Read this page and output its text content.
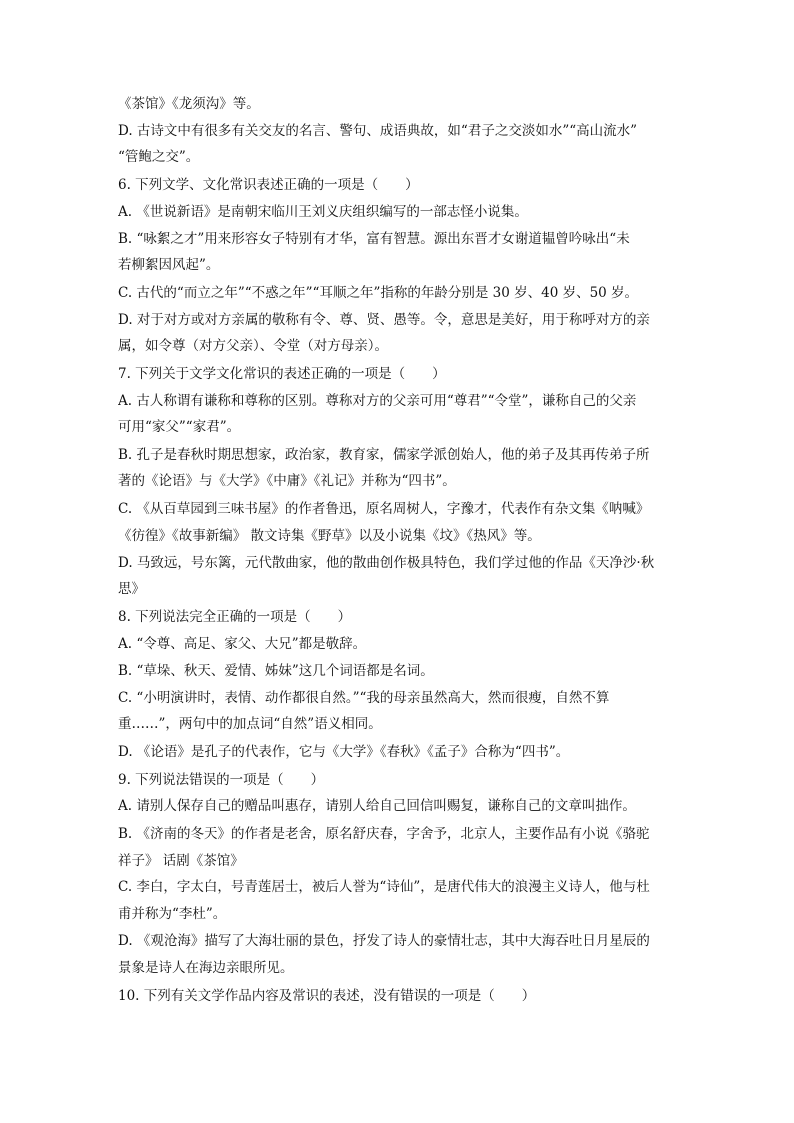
《茶馆》《龙须沟》等。
D. 古诗文中有很多有关交友的名言、警句、成语典故，如“君子之交淡如水”“高山流水”
“管鲍之交”。
6. 下列文学、文化常识表述正确的一项是（　　）
A. 《世说新语》是南朝宋临川王刘义庆组织编写的一部志怪小说集。
B. “咏絮之才”用来形容女子特别有才华，富有智慧。源出东晋才女谢道韫曾吟咏出“未
若柳絮因风起”。
C. 古代的“而立之年”“不惑之年”“耳顺之年”指称的年龄分别是 30 岁、40 岁、50 岁。
D. 对于对方或对方亲属的敬称有令、尊、贤、愚等。令，意思是美好，用于称呼对方的亲
属，如令尊（对方父亲）、令堂（对方母亲）。
7. 下列关于文学文化常识的表述正确的一项是（　　）
A. 古人称谓有谦称和尊称的区别。尊称对方的父亲可用“尊君”“令堂”，谦称自己的父亲
可用“家父”“家君”。
B. 孔子是春秋时期思想家，政治家，教育家，儒家学派创始人，他的弟子及其再传弟子所
著的《论语》与《大学》《中庸》《礼记》并称为“四书”。
C. 《从百草园到三味书屋》的作者鲁迅，原名周树人，字豫才，代表作有杂文集《呐喊》
《彷徨》《故事新编》 散文诗集《野草》以及小说集《坟》《热风》等。
D. 马致远，号东篱，元代散曲家，他的散曲创作极具特色，我们学过他的作品《天净沙·秋
思》
8. 下列说法完全正确的一项是（　　）
A. “令尊、高足、家父、大兄”都是敬辞。
B. “草垛、秋天、爱情、姊妹”这几个词语都是名词。
C. “小明演讲时，表情、动作都很自然。”“我的母亲虽然高大，然而很瘦，自然不算
重……”，两句中的加点词“自然”语义相同。
D. 《论语》是孔子的代表作，它与《大学》《春秋》《孟子》合称为“四书”。
9. 下列说法错误的一项是（　　）
A. 请别人保存自己的赠品叫惠存，请别人给自己回信叫赐复，谦称自己的文章叫拙作。
B. 《济南的冬天》的作者是老舍，原名舒庆春，字舍予，北京人，主要作品有小说《骆驼
祥子》 话剧《茶馆》
C. 李白，字太白，号青莲居士，被后人誉为“诗仙”，是唐代伟大的浪漫主义诗人，他与杜
甫并称为“李杜”。
D. 《观沧海》描写了大海壮丽的景色，抒发了诗人的豪情壮志，其中大海吞吐日月星辰的
景象是诗人在海边亲眼所见。
10. 下列有关文学作品内容及常识的表述，没有错误的一项是（　　）
